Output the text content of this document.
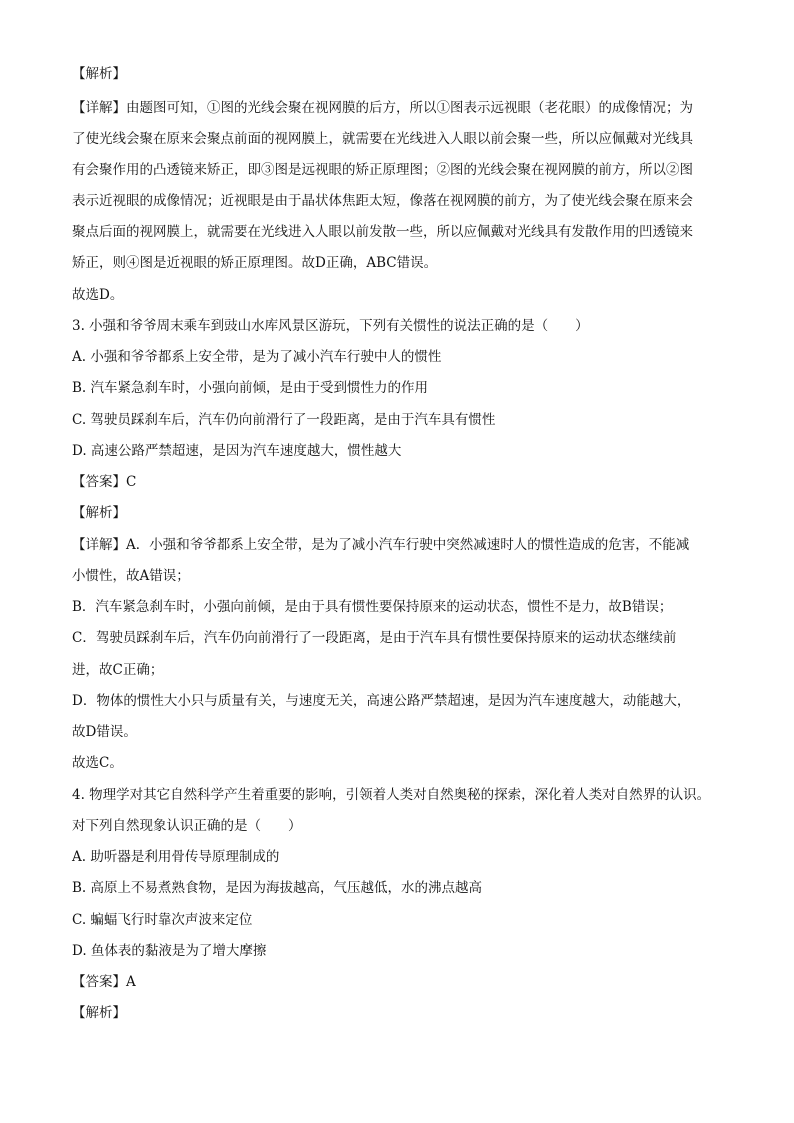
【解析】
【详解】由题图可知，①图的光线会聚在视网膜的后方，所以①图表示远视眼（老花眼）的成像情况；为
了使光线会聚在原来会聚点前面的视网膜上，就需要在光线进入人眼以前会聚一些，所以应佩戴对光线具
有会聚作用的凸透镜来矫正，即③图是远视眼的矫正原理图；②图的光线会聚在视网膜的前方，所以②图
表示近视眼的成像情况；近视眼是由于晶状体焦距太短，像落在视网膜的前方，为了使光线会聚在原来会
聚点后面的视网膜上，就需要在光线进入人眼以前发散一些，所以应佩戴对光线具有发散作用的凹透镜来
矫正，则④图是近视眼的矫正原理图。故D正确，ABC错误。
故选D。
3. 小强和爷爷周末乘车到豉山水库风景区游玩，下列有关惯性的说法正确的是（　　）
A. 小强和爷爷都系上安全带，是为了减小汽车行驶中人的惯性
B. 汽车紧急刹车时，小强向前倾，是由于受到惯性力的作用
C. 驾驶员踩刹车后，汽车仍向前滑行了一段距离，是由于汽车具有惯性
D. 高速公路严禁超速，是因为汽车速度越大，惯性越大
【答案】C
【解析】
【详解】A．小强和爷爷都系上安全带，是为了减小汽车行驶中突然减速时人的惯性造成的危害，不能减
小惯性，故A错误；
B．汽车紧急刹车时，小强向前倾，是由于具有惯性要保持原来的运动状态，惯性不是力，故B错误；
C．驾驶员踩刹车后，汽车仍向前滑行了一段距离，是由于汽车具有惯性要保持原来的运动状态继续前
进，故C正确；
D．物体的惯性大小只与质量有关，与速度无关，高速公路严禁超速，是因为汽车速度越大，动能越大，
故D错误。
故选C。
4. 物理学对其它自然科学产生着重要的影响，引领着人类对自然奥秘的探索，深化着人类对自然界的认识。
对下列自然现象认识正确的是（　　）
A. 助听器是利用骨传导原理制成的
B. 高原上不易煮熟食物，是因为海拔越高，气压越低，水的沸点越高
C. 蝙蝠飞行时靠次声波来定位
D. 鱼体表的黏液是为了增大摩擦
【答案】A
【解析】
